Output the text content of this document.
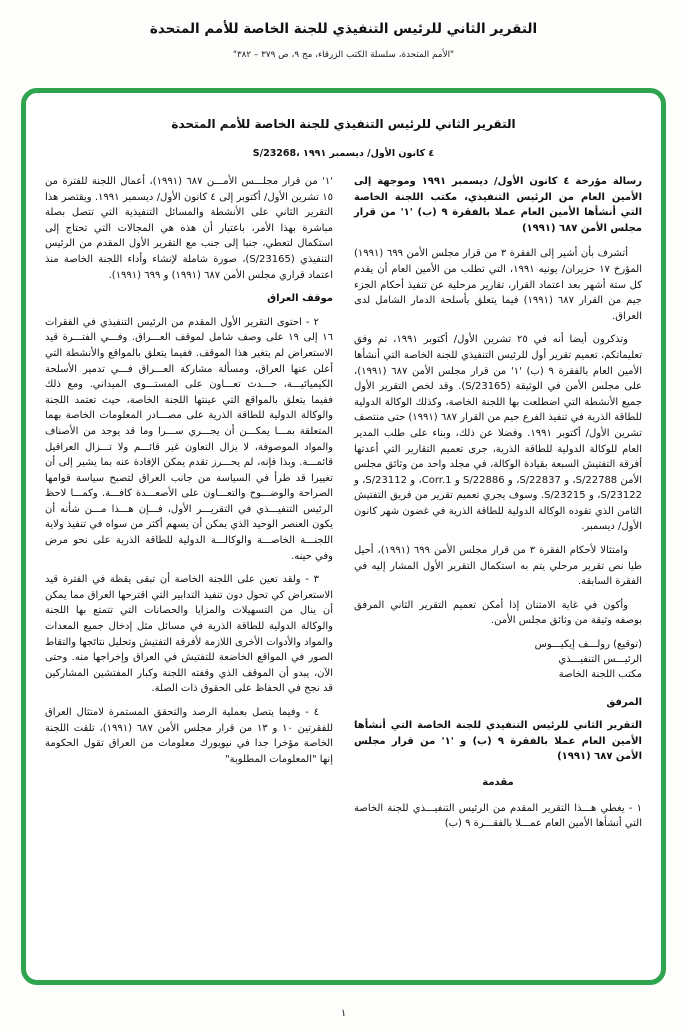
التقرير الثاني للرئيس التنفيذي للجنة الخاصة للأمم المتحدة
"الأمم المتحدة، سلسلة الكتب الزرقاء، مج ٩، ص ٣٧٩ – ٣٨٢"
التقرير الثاني للرئيس التنفيذي للجنة الخاصة للأمم المتحدة
S/23268، ٤ كانون الأول/ ديسمبر ١٩٩١

رسالة مؤرخة ٤ كانون الأول/ ديسمبر ١٩٩١ وموجهة إلى الأمين العام من الرئيس التنفيذي، مكتب اللجنة الخاصة التي أنشأها الأمين العام عملا بالفقرة ٩ (ب) '١' من قرار مجلس الأمن ٦٨٧ (١٩٩١)

أتشرف بأن أشير إلى الفقرة ٣ من قرار مجلس الأمن ٦٩٩ (١٩٩١) المؤرخ ١٧ حزيران/ يونيه ١٩٩١، التي تطلب من الأمين العام أن يقدم كل ستة أشهر بعد اعتماد القرار، تقارير مرحلية عن تنفيذ أحكام الجزء جيم من القرار ٦٨٧ (١٩٩١) فيما يتعلق بأسلحة الدمار الشامل لدى العراق.

وتذكرون أيضا أنه في ٢٥ تشرين الأول/ أكتوبر ١٩٩١، تم وفق تعليماتكم، تعميم تقرير أول للرئيس التنفيذي للجنة الخاصة التي أنشأها الأمين العام بالفقرة ٩ (ب) '١' من قرار مجلس الأمن ٦٨٧ (١٩٩١)، على مجلس الأمن في الوثيقة (S/23165). وقد لخص التقرير الأول جميع الأنشطة التي اضطلعت بها اللجنة الخاصة، وكذلك الوكالة الدولية للطاقة الذرية في تنفيذ الفرع جيم من القرار ٦٨٧ (١٩٩١) حتى منتصف تشرين الأول/ أكتوبر ١٩٩١. وفضلا عن ذلك، وبناء على طلب المدير العام للوكالة الدولية للطاقة الذرية، جرى تعميم التقارير التي أعدتها أفرقة التفتيش السبعة بقيادة الوكالة، في مجلد واحد من وثائق مجلس الأمن S/22788، و S/22837، و S/22886 و Corr.1، و S/23112، و S/23122، و S/23215. وسوف يجري تعميم تقرير من فريق التفتيش الثامن الذي تقوده الوكالة الدولية للطاقة الذرية في غضون شهر كانون الأول/ ديسمبر.

وامتثالا لأحكام الفقرة ٣ من قرار مجلس الأمن ٦٩٩ (١٩٩١)، أحيل طيا نص تقرير مرحلي يتم به استكمال التقرير الأول المشار إليه في الفقرة السابقة.

وأكون في غاية الامتنان إذا أمكن تعميم التقرير الثاني المرفق بوصفه وثيقة من وثائق مجلس الأمن.

(توقيع) رولـــف إيكيـــوس
الرئيـــس التنفيـــذي
مكتب اللجنة الخاصة
المرفق

التقرير الثاني للرئيس التنفيذي للجنة الخاصة التي أنشأها الأمين العام عملا بالفقرة ٩ (ب) و '١' من قرار مجلس الأمن ٦٨٧ (١٩٩١)

مقدمة

١ - يغطي هـــذا التقرير المقدم من الرئيس التنفيـــذي للجنة الخاصة التي أنشأها الأمين العام عمـــلا بالفقـــرة ٩ (ب)

'١' من قرار مجلـــس الأمـــن ٦٨٧ (١٩٩١)، أعمال اللجنة للفترة من ١٥ تشرين الأول/ أكتوبر إلى ٤ كانون الأول/ ديسمبر ١٩٩١. ويقتصر هذا التقرير الثاني على الأنشطة والمسائل التنفيذية التي تتصل بصلة مباشرة بهذا الأمر، باعتبار أن هذه هي المجالات التي تحتاج إلى استكمال لتعطي، جنبا إلى جنب مع التقرير الأول المقدم من الرئيس التنفيذي (S/23165)، صورة شاملة لإنشاء وأداء اللجنة الخاصة منذ اعتماد قراري مجلس الأمن ٦٨٧ (١٩٩١) و ٦٩٩ (١٩٩١).

موقف العراق

٢ - احتوى التقرير الأول المقدم من الرئيس التنفيذي في الفقرات ١٦ إلى ١٩ على وصف شامل لموقف العـــراق. وفـــي الفتـــرة قيد الاستعراض لم يتغير هذا الموقف. ففيما يتعلق بالمواقع والأنشطة التي أعلن عنها العراق، ومسألة مشاركة العـــراق فـــي تدمير الأسلحة الكيميائيـــة، حـــدث تعـــاون على المستـــوى الميداني. ومع ذلك ففيما يتعلق بالمواقع التي عينتها اللجنة الخاصة، حيث تعتمد اللجنة والوكالة الدولية للطاقة الذرية على مصـــادر المعلومات الخاصة بهما المتعلقة بمـــا يمكـــن أن يجـــري ســـرا وما قد يوجد من الأصناف والمواد الموصوفة، لا يزال التعاون غير قائـــم ولا تـــزال العراقيل قائمـــة. وبذا فإنه، لم يحـــرز تقدم يمكن الإفادة عنه بما يشير إلى أن تغييرا قد طرأ في السياسة من جانب العراق لتصبح سياسة قوامها الصراحة والوضـــوح والتعـــاون على الأصعـــدة كافـــة. وكمـــا لاحظ الرئيس التنفيـــذي في التقريـــر الأول، فـــإن هـــذا مـــن شأنه أن يكون العنصر الوحيد الذي يمكن أن يسهم أكثر من سواه في تنفيذ ولاية اللجنـــة الخاصـــة والوكالـــة الدولية للطاقة الذرية على نحو مرض وفي حينه.

٣ - ولقد تعين على اللجنة الخاصة أن تبقى يقظة في الفترة قيد الاستعراض كي تحول دون تنفيذ التدابير التي اقترحها العراق مما يمكن أن ينال من التسهيلات والمزايا والحصانات التي تتمتع بها اللجنة والوكالة الدولية للطاقة الذرية في مسائل مثل إدخال جميع المعدات والمواد والأدوات الأخرى اللازمة لأفرقة التفتيش وتحليل نتائجها والتقاط الصور في المواقع الخاضعة للتفتيش في العراق وإخراجها منه. وحتى الآن، يبدو أن الموقف الذي وقفته اللجنة وكبار المفتشين المشاركين قد نجح في الحفاظ على الحقوق ذات الصلة.

٤ - وفيما يتصل بعملية الرصد والتحقق المستمرة لامتثال العراق للفقرتين ١٠ و ١٣ من قرار مجلس الأمن ٦٨٧ (١٩٩١)، تلقت اللجنة الخاصة مؤخرا جدا في نيويورك معلومات من العراق تقول الحكومة إنها "المعلومات المطلوبة"

١
